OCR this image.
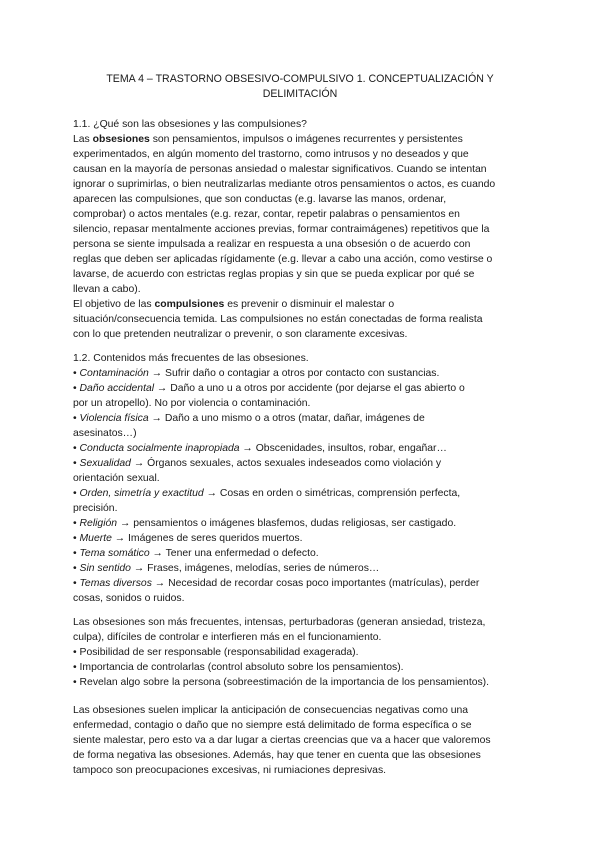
TEMA 4 – TRASTORNO OBSESIVO-COMPULSIVO 1. CONCEPTUALIZACIÓN Y
DELIMITACIÓN
1.1. ¿Qué son las obsesiones y las compulsiones?
Las obsesiones son pensamientos, impulsos o imágenes recurrentes y persistentes
experimentados, en algún momento del trastorno, como intrusos y no deseados y que
causan en la mayoría de personas ansiedad o malestar significativos. Cuando se intentan
ignorar o suprimirlas, o bien neutralizarlas mediante otros pensamientos o actos, es cuando
aparecen las compulsiones, que son conductas (e.g. lavarse las manos, ordenar,
comprobar) o actos mentales (e.g. rezar, contar, repetir palabras o pensamientos en
silencio, repasar mentalmente acciones previas, formar contraimágenes) repetitivos que la
persona se siente impulsada a realizar en respuesta a una obsesión o de acuerdo con
reglas que deben ser aplicadas rígidamente (e.g. llevar a cabo una acción, como vestirse o
lavarse, de acuerdo con estrictas reglas propias y sin que se pueda explicar por qué se
llevan a cabo).
El objetivo de las compulsiones es prevenir o disminuir el malestar o
situación/consecuencia temida. Las compulsiones no están conectadas de forma realista
con lo que pretenden neutralizar o prevenir, o son claramente excesivas.
1.2. Contenidos más frecuentes de las obsesiones.
• Contaminación → Sufrir daño o contagiar a otros por contacto con sustancias.
• Daño accidental → Daño a uno u a otros por accidente (por dejarse el gas abierto o
por un atropello). No por violencia o contaminación.
• Violencia física → Daño a uno mismo o a otros (matar, dañar, imágenes de
asesinatos…)
• Conducta socialmente inapropiada → Obscenidades, insultos, robar, engañar…
• Sexualidad → Órganos sexuales, actos sexuales indeseados como violación y
orientación sexual.
• Orden, simetría y exactitud → Cosas en orden o simétricas, comprensión perfecta,
precisión.
• Religión → pensamientos o imágenes blasfemos, dudas religiosas, ser castigado.
• Muerte → Imágenes de seres queridos muertos.
• Tema somático → Tener una enfermedad o defecto.
• Sin sentido → Frases, imágenes, melodías, series de números…
• Temas diversos → Necesidad de recordar cosas poco importantes (matrículas), perder
cosas, sonidos o ruidos.
Las obsesiones son más frecuentes, intensas, perturbadoras (generan ansiedad, tristeza,
culpa), difíciles de controlar e interfieren más en el funcionamiento.
• Posibilidad de ser responsable (responsabilidad exagerada).
• Importancia de controlarlas (control absoluto sobre los pensamientos).
• Revelan algo sobre la persona (sobreestimación de la importancia de los pensamientos).
Las obsesiones suelen implicar la anticipación de consecuencias negativas como una
enfermedad, contagio o daño que no siempre está delimitado de forma específica o se
siente malestar, pero esto va a dar lugar a ciertas creencias que va a hacer que valoremos
de forma negativa las obsesiones. Además, hay que tener en cuenta que las obsesiones
tampoco son preocupaciones excesivas, ni rumiaciones depresivas.
